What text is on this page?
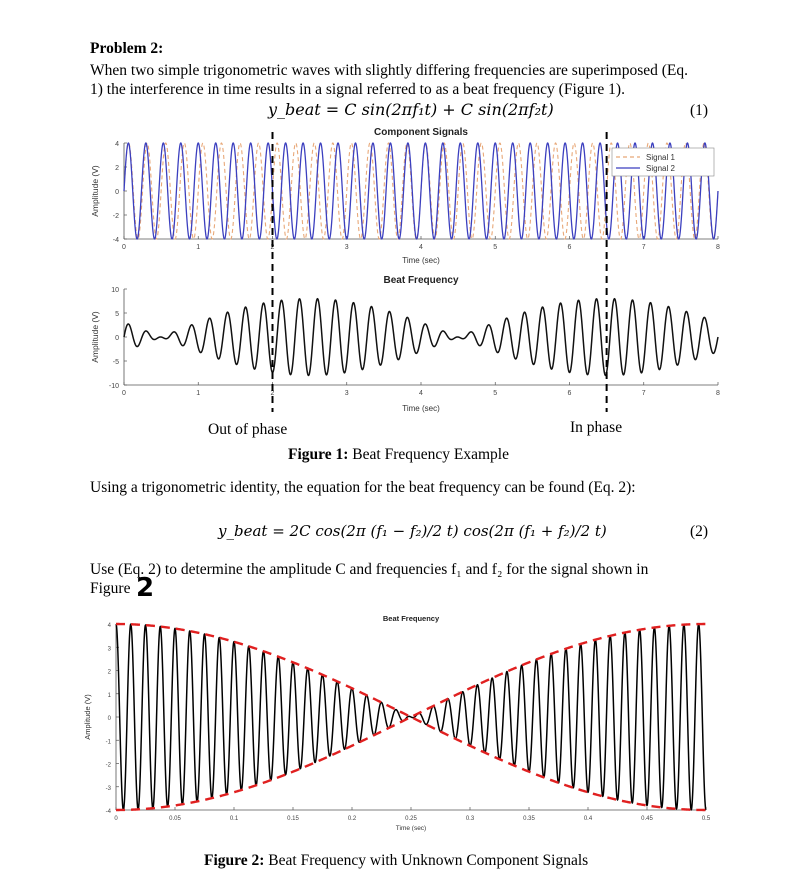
Problem 2:
When two simple trigonometric waves with slightly differing frequencies are superimposed (Eq.
1) the interference in time results in a signal referred to as a beat frequency (Figure 1).
y_beat = C sin(2πf₁t) + C sin(2πf₂t)	(1)
0	1	2	3	4	5	6	7	8
-4
-2
0
2
4
Amplitude (V)
Component Signals
Time (sec)
Signal 1
Signal 2
0	1	2	3	4	5	6	7	8
-10
-5
0
5
10
Amplitude (V)
Beat Frequency
Time (sec)
Out of phase	In phase
Figure 1: Beat Frequency Example
Using a trigonometric identity, the equation for the beat frequency can be found (Eq. 2):
y_beat = 2C cos(2π (f₁ − f₂)/2 t) cos(2π (f₁ + f₂)/2 t)	(2)
Use (Eq. 2) to determine the amplitude C and frequencies f₁ and f₂ for the signal shown in
Figure 2
0	0.05	0.1	0.15	0.2	0.25	0.3	0.35	0.4	0.45	0.5
-4
-3
-2
-1
0
1
2
3
4
Amplitude (V)
Beat Frequency
Time (sec)
Figure 2: Beat Frequency with Unknown Component Signals
